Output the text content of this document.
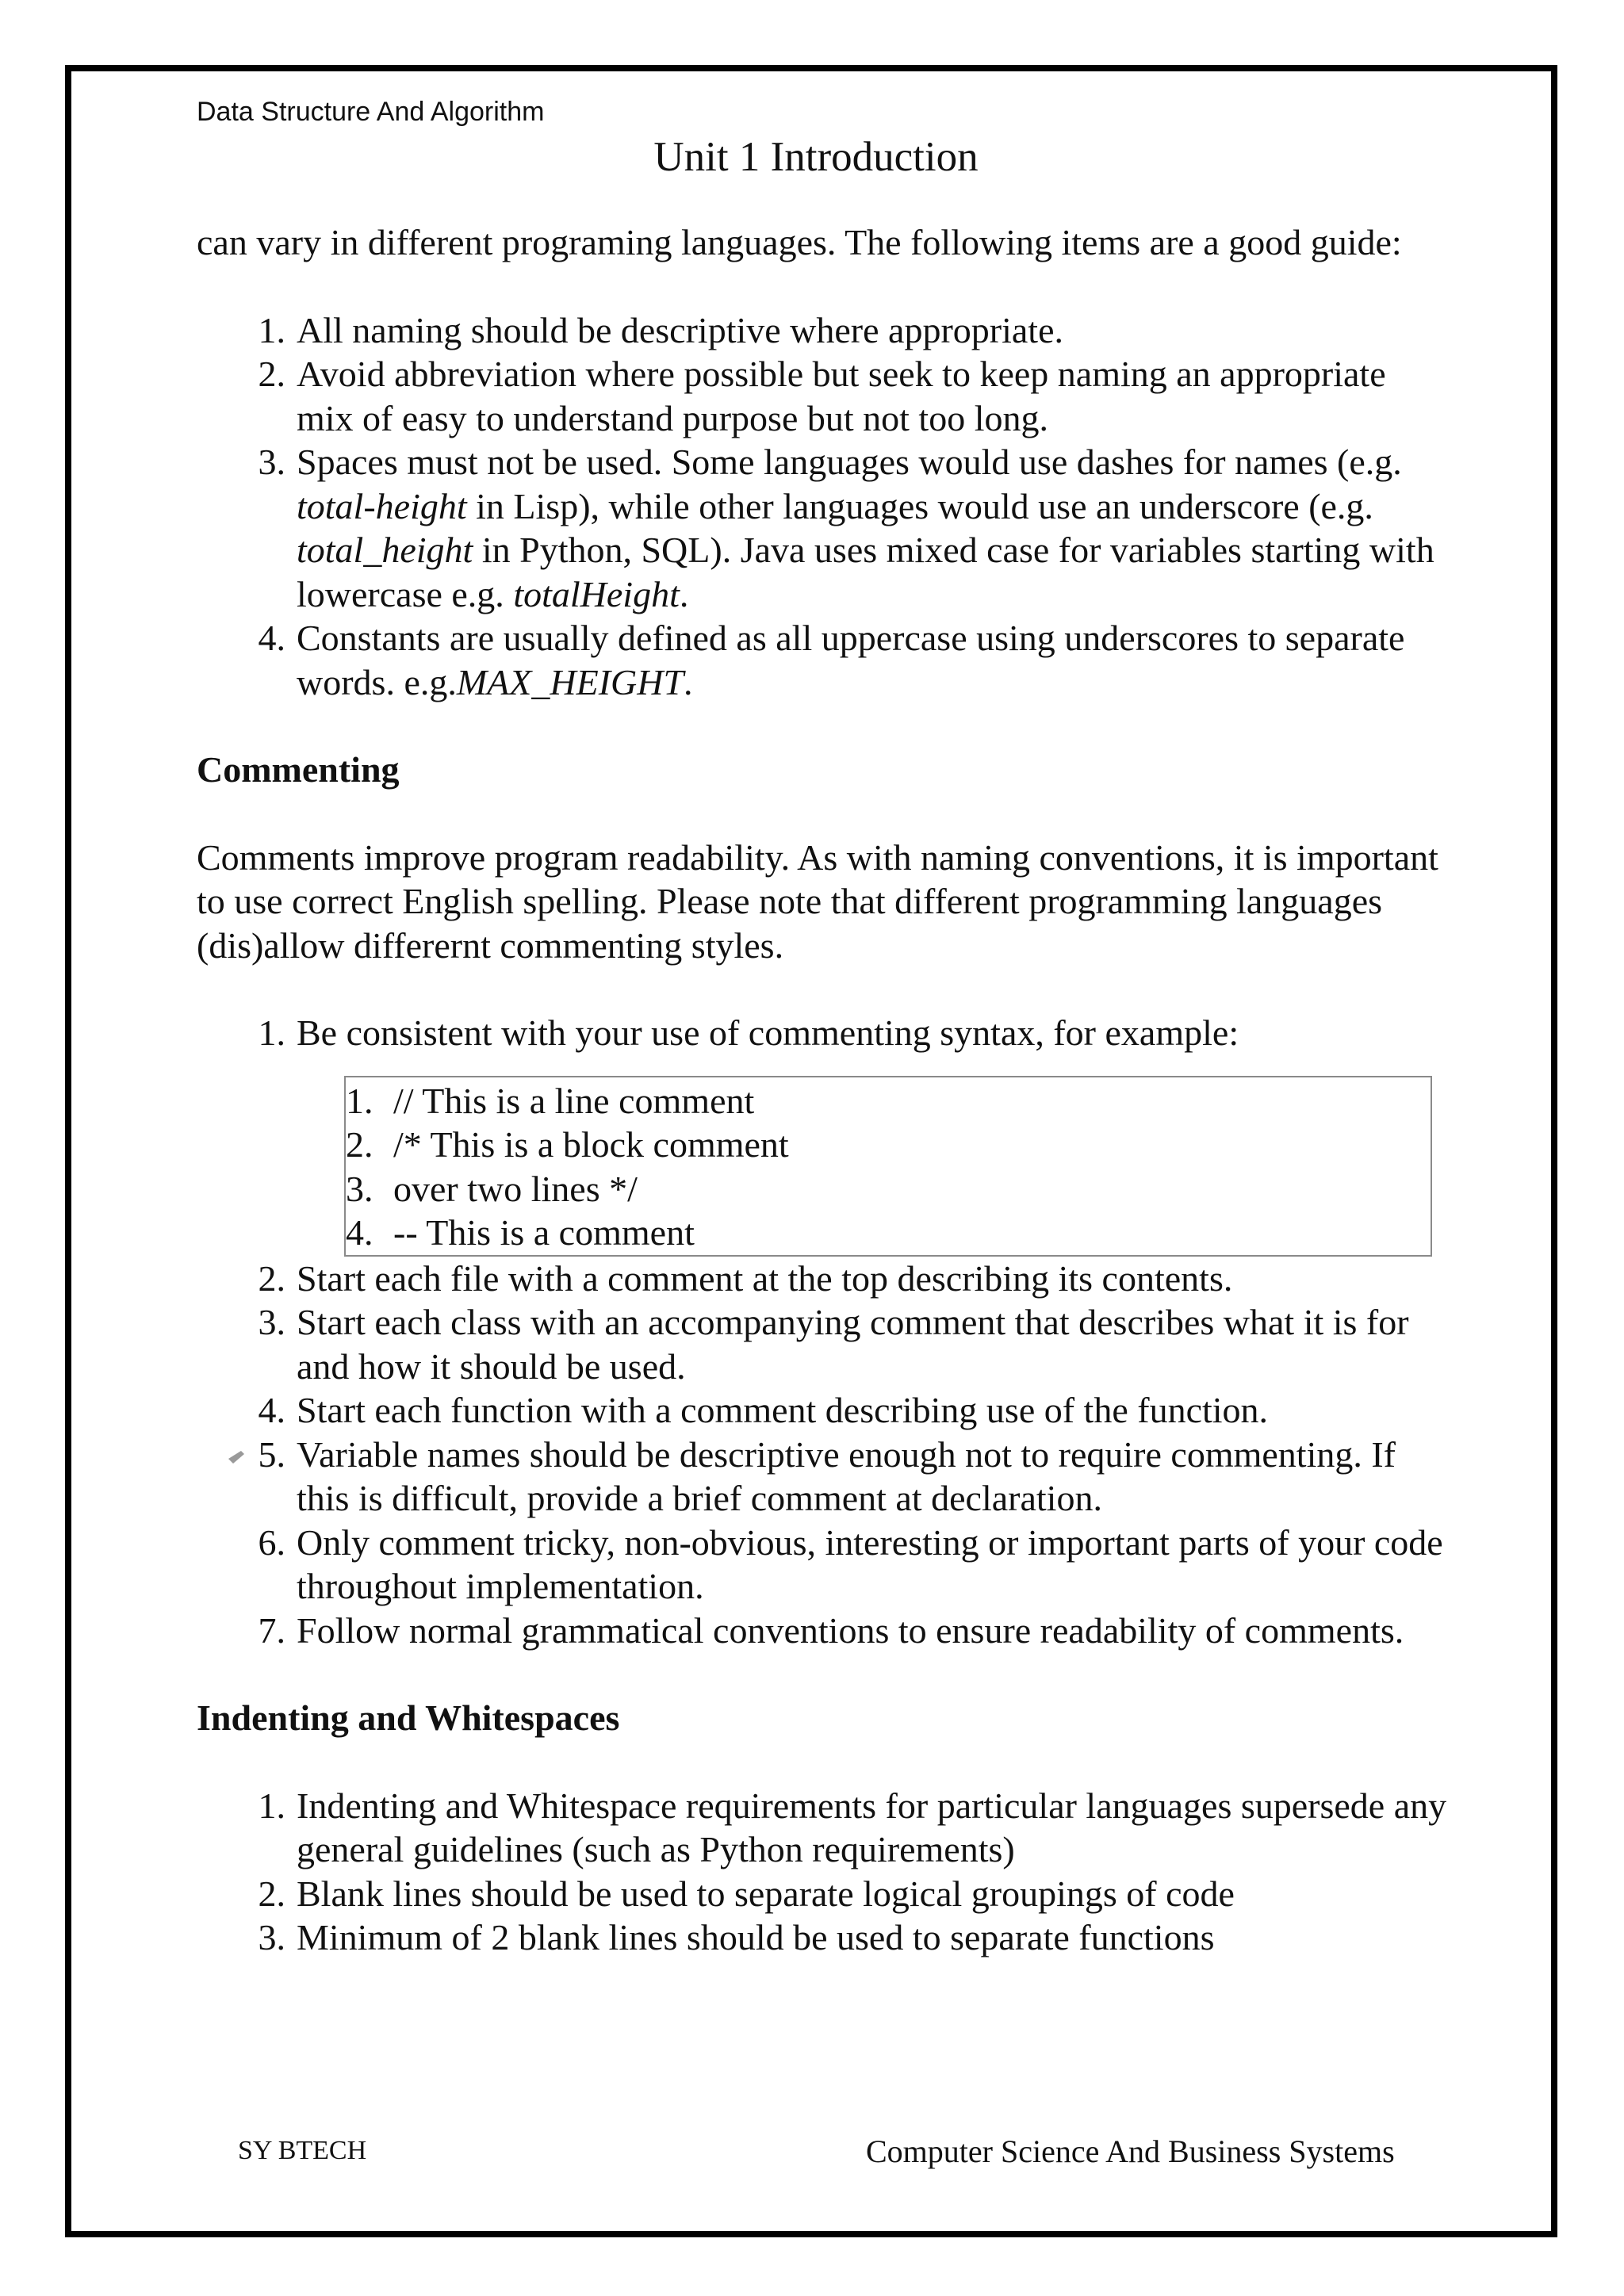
Data Structure And Algorithm
Unit 1 Introduction

can vary in different programing languages. The following items are a good guide:

1. All naming should be descriptive where appropriate.
2. Avoid abbreviation where possible but seek to keep naming an appropriate mix of easy to understand purpose but not too long.
3. Spaces must not be used. Some languages would use dashes for names (e.g. total-height in Lisp), while other languages would use an underscore (e.g. total_height in Python, SQL). Java uses mixed case for variables starting with lowercase e.g. totalHeight.
4. Constants are usually defined as all uppercase using underscores to separate words. e.g.MAX_HEIGHT.
Commenting

Comments improve program readability. As with naming conventions, it is important to use correct English spelling. Please note that different programming languages (dis)allow differernt commenting styles.

1. Be consistent with your use of commenting syntax, for example:
1. // This is a line comment
2. /* This is a block comment
3. over two lines */
4. -- This is a comment
2. Start each file with a comment at the top describing its contents.
3. Start each class with an accompanying comment that describes what it is for and how it should be used.
4. Start each function with a comment describing use of the function.
5. Variable names should be descriptive enough not to require commenting. If this is difficult, provide a brief comment at declaration.
6. Only comment tricky, non-obvious, interesting or important parts of your code throughout implementation.
7. Follow normal grammatical conventions to ensure readability of comments.
Indenting and Whitespaces
1. Indenting and Whitespace requirements for particular languages supersede any general guidelines (such as Python requirements)
2. Blank lines should be used to separate logical groupings of code
3. Minimum of 2 blank lines should be used to separate functions
SY BTECH	Computer Science And Business Systems
